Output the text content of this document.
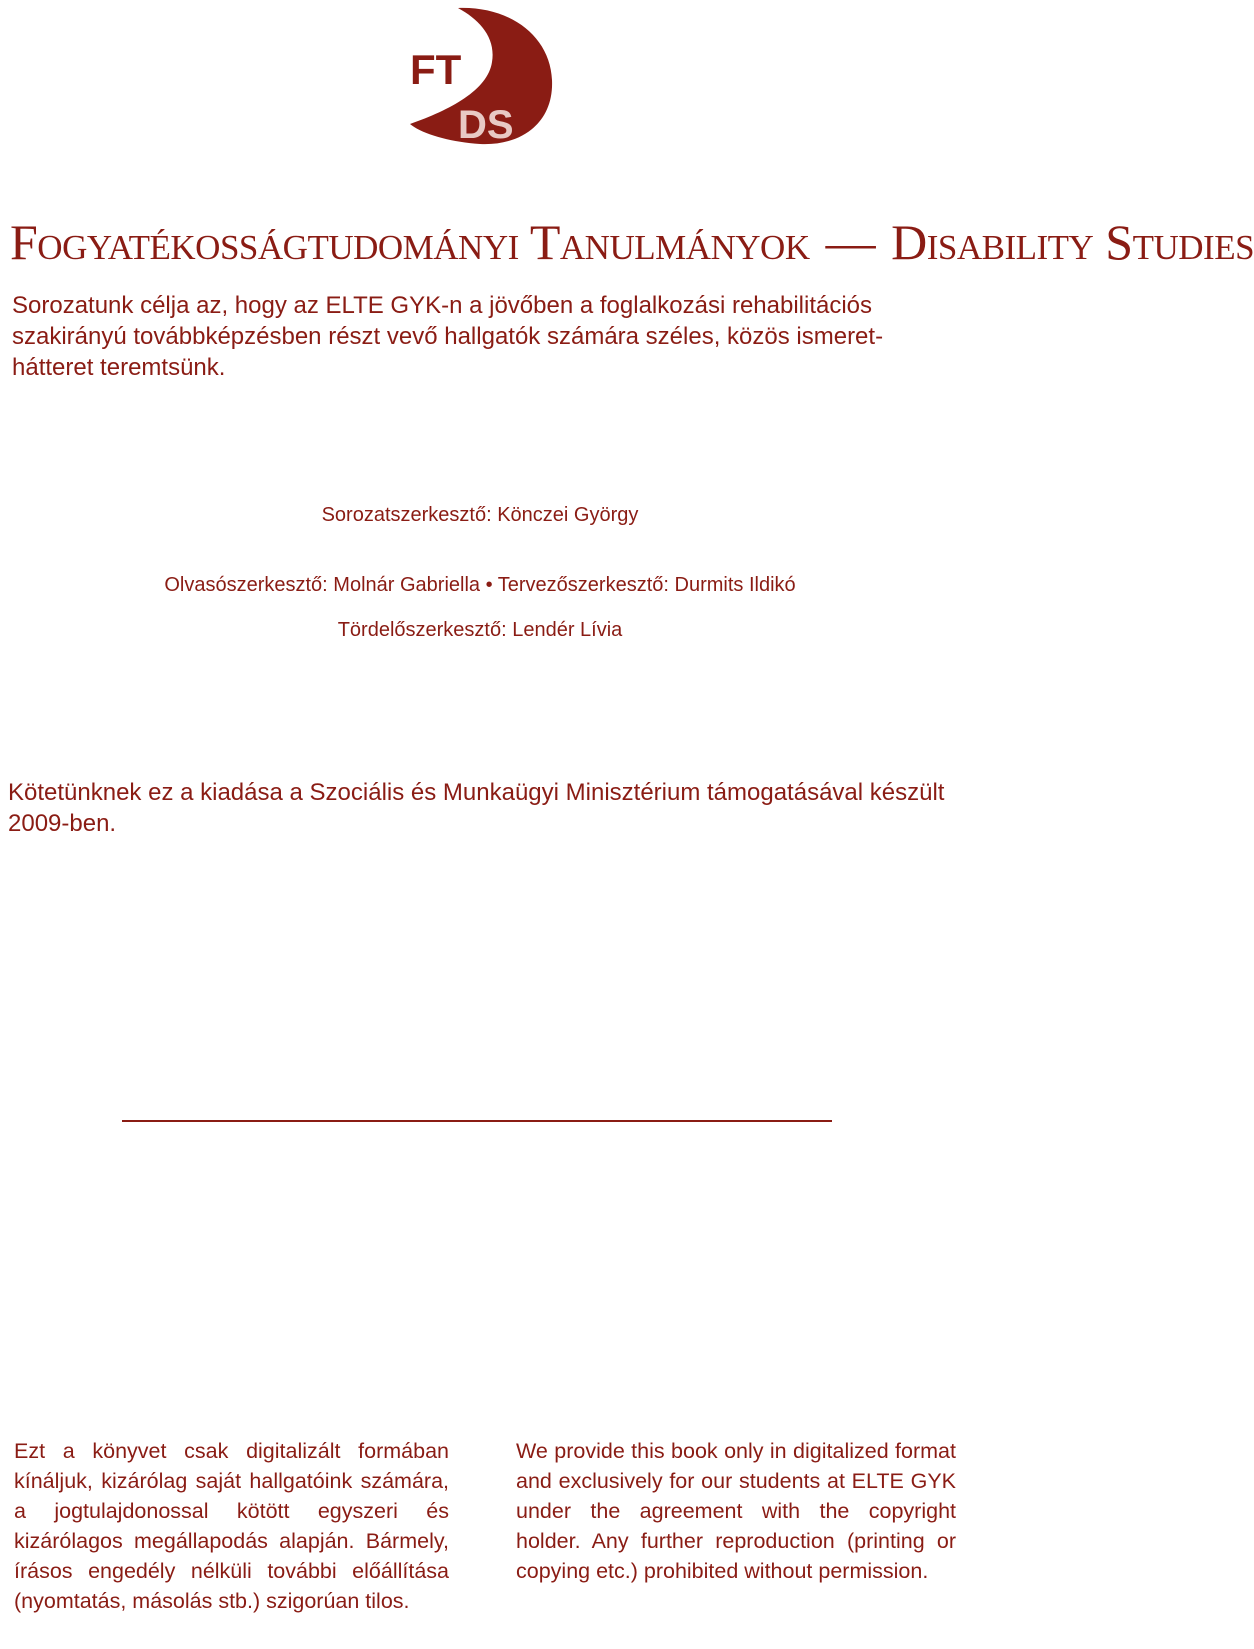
FT
DS
Fogyatékosságtudományi Tanulmányok — Disability Studies

Sorozatunk célja az, hogy az ELTE GYK-n a jövőben a foglalkozási rehabilitációs szakirányú továbbképzésben részt vevő hallgatók számára széles, közös ismerethátteret teremtsünk.

Sorozatszerkesztő: Könczei György
Olvasószerkesztő: Molnár Gabriella • Tervezőszerkesztő: Durmits Ildikó
Tördelőszerkesztő: Lendér Lívia

Kötetünknek ez a kiadása a Szociális és Munkaügyi Minisztérium támogatásával készült 2009-ben.

Ezt a könyvet csak digitalizált formában kínáljuk, kizárólag saját hallgatóink számára, a jogtulajdonossal kötött egyszeri és kizárólagos megállapodás alapján. Bármely, írásos engedély nélküli további előállítása (nyomtatás, másolás stb.) szigorúan tilos.

We provide this book only in digitalized format and exclusively for our students at ELTE GYK under the agreement with the copyright holder. Any further reproduction (printing or copying etc.) prohibited without permission.
